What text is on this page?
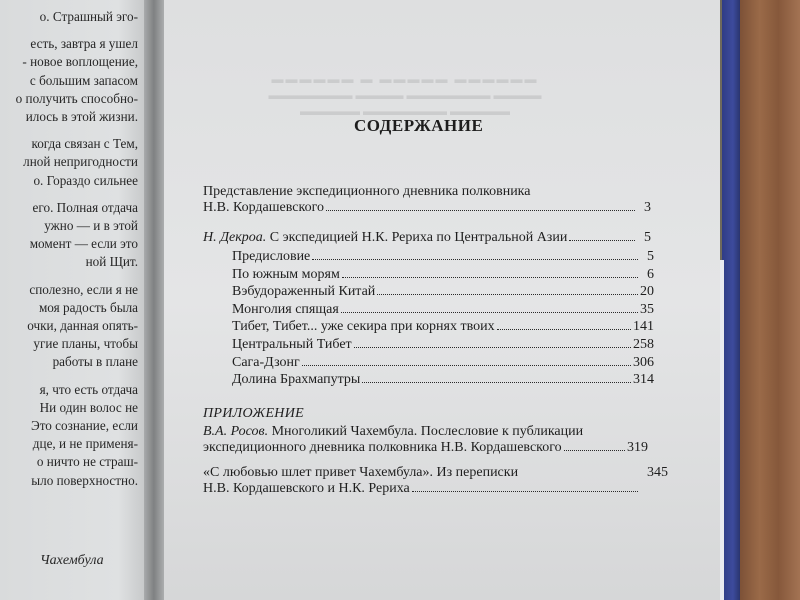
о. Страшный эго-
есть, завтра я ушел
- новое воплощение,
с большим запасом
о получить способно-
илось в этой жизни.
когда связан с Тем,
лной непригодности
о. Гораздо сильнее
его. Полная отдача
ужно — и в этой
момент — если это
ной Щит.
сполезно, если я не
моя радость была
очки, данная опять-
угие планы, чтобы
работы в плане
я, что есть отдача
Ни один волос не
Это сознание, если
дце, и не применя-
о ничто не страш-
ыло поверхностно.
Чахембула
▬▬▬▬▬▬ ▬ ▬▬▬▬▬ ▬▬▬▬▬▬
▬▬▬▬▬▬▬ ▬▬▬▬ ▬▬▬▬▬▬▬ ▬▬▬▬
▬▬▬▬▬ ▬▬▬▬▬▬▬ ▬▬▬▬▬
СОДЕРЖАНИЕ
Представление экспедиционного дневника полковника
Н.В. Кордашевского	3
Н. Декроа.
С экспедицией Н.К. Рериха по Центральной Азии	5
Предисловие	5
По южным морям	6
Вэбудораженный Китай	20
Монголия спящая	35
Тибет, Тибет... уже секира при корнях твоих	141
Центральный Тибет	258
Сага-Дзонг	306
Долина Брахмапутры	314
ПРИЛОЖЕНИЕ
В.А. Росов. Многоликий Чахембула. Послесловие к публикации
экспедиционного дневника полковника Н.В. Кордашевского	319
«С любовью шлет привет Чахембула». Из переписки	345
Н.В. Кордашевского и Н.К. Рериха
